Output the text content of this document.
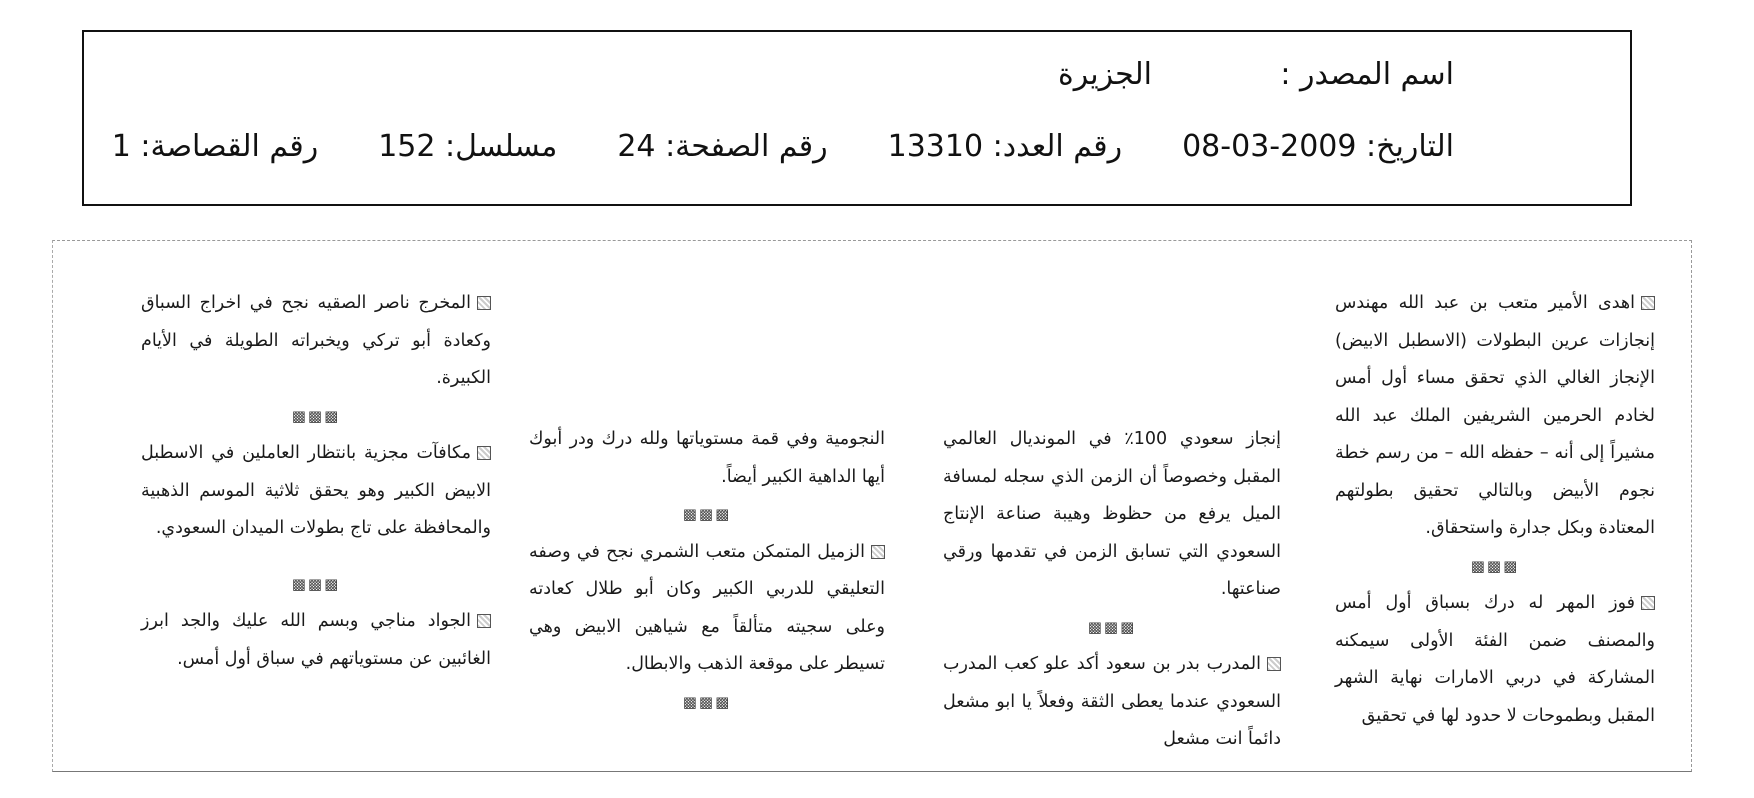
اسم المصدر :
الجزيرة
التاريخ: 2009-03-08
رقم العدد: 13310
رقم الصفحة: 24
مسلسل: 152
رقم القصاصة: 1

اهدى الأمير متعب بن عبد الله مهندس إنجازات عرين البطولات (الاسطبل الابيض) الإنجاز الغالي الذي تحقق مساء أول أمس لخادم الحرمين الشريفين الملك عبد الله مشيراً إلى أنه – حفظه الله – من رسم خطة نجوم الأبيض وبالتالي تحقيق بطولتهم المعتادة وبكل جدارة واستحقاق.

▩▩▩

فوز المهر له درك بسباق أول أمس والمصنف ضمن الفئة الأولى سيمكنه المشاركة في دربي الامارات نهاية الشهر المقبل وبطموحات لا حدود لها في تحقيق

إنجاز سعودي 100٪ في المونديال العالمي المقبل وخصوصاً أن الزمن الذي سجله لمسافة الميل يرفع من حظوظ وهيبة صناعة الإنتاج السعودي التي تسابق الزمن في تقدمها ورقي صناعتها.

▩▩▩

المدرب بدر بن سعود أكد علو كعب المدرب السعودي عندما يعطى الثقة وفعلاً يا ابو مشعل دائماً انت مشعل

النجومية وفي قمة مستوياتها ولله درك ودر أبوك أيها الداهية الكبير أيضاً.

▩▩▩

الزميل المتمكن متعب الشمري نجح في وصفه التعليقي للدربي الكبير وكان أبو طلال كعادته وعلى سجيته متألقاً مع شياهين الابيض وهي تسيطر على موقعة الذهب والابطال.

▩▩▩

المخرج ناصر الصقيه نجح في اخراج السباق وكعادة أبو تركي ويخبراته الطويلة في الأيام الكبيرة.

▩▩▩

مكافآت مجزية بانتظار العاملين في الاسطبل الابيض الكبير وهو يحقق ثلاثية الموسم الذهبية والمحافظة على تاج بطولات الميدان السعودي.

▩▩▩

الجواد مناجي وبسم الله عليك والجد ابرز الغائبين عن مستوياتهم في سباق أول أمس.
